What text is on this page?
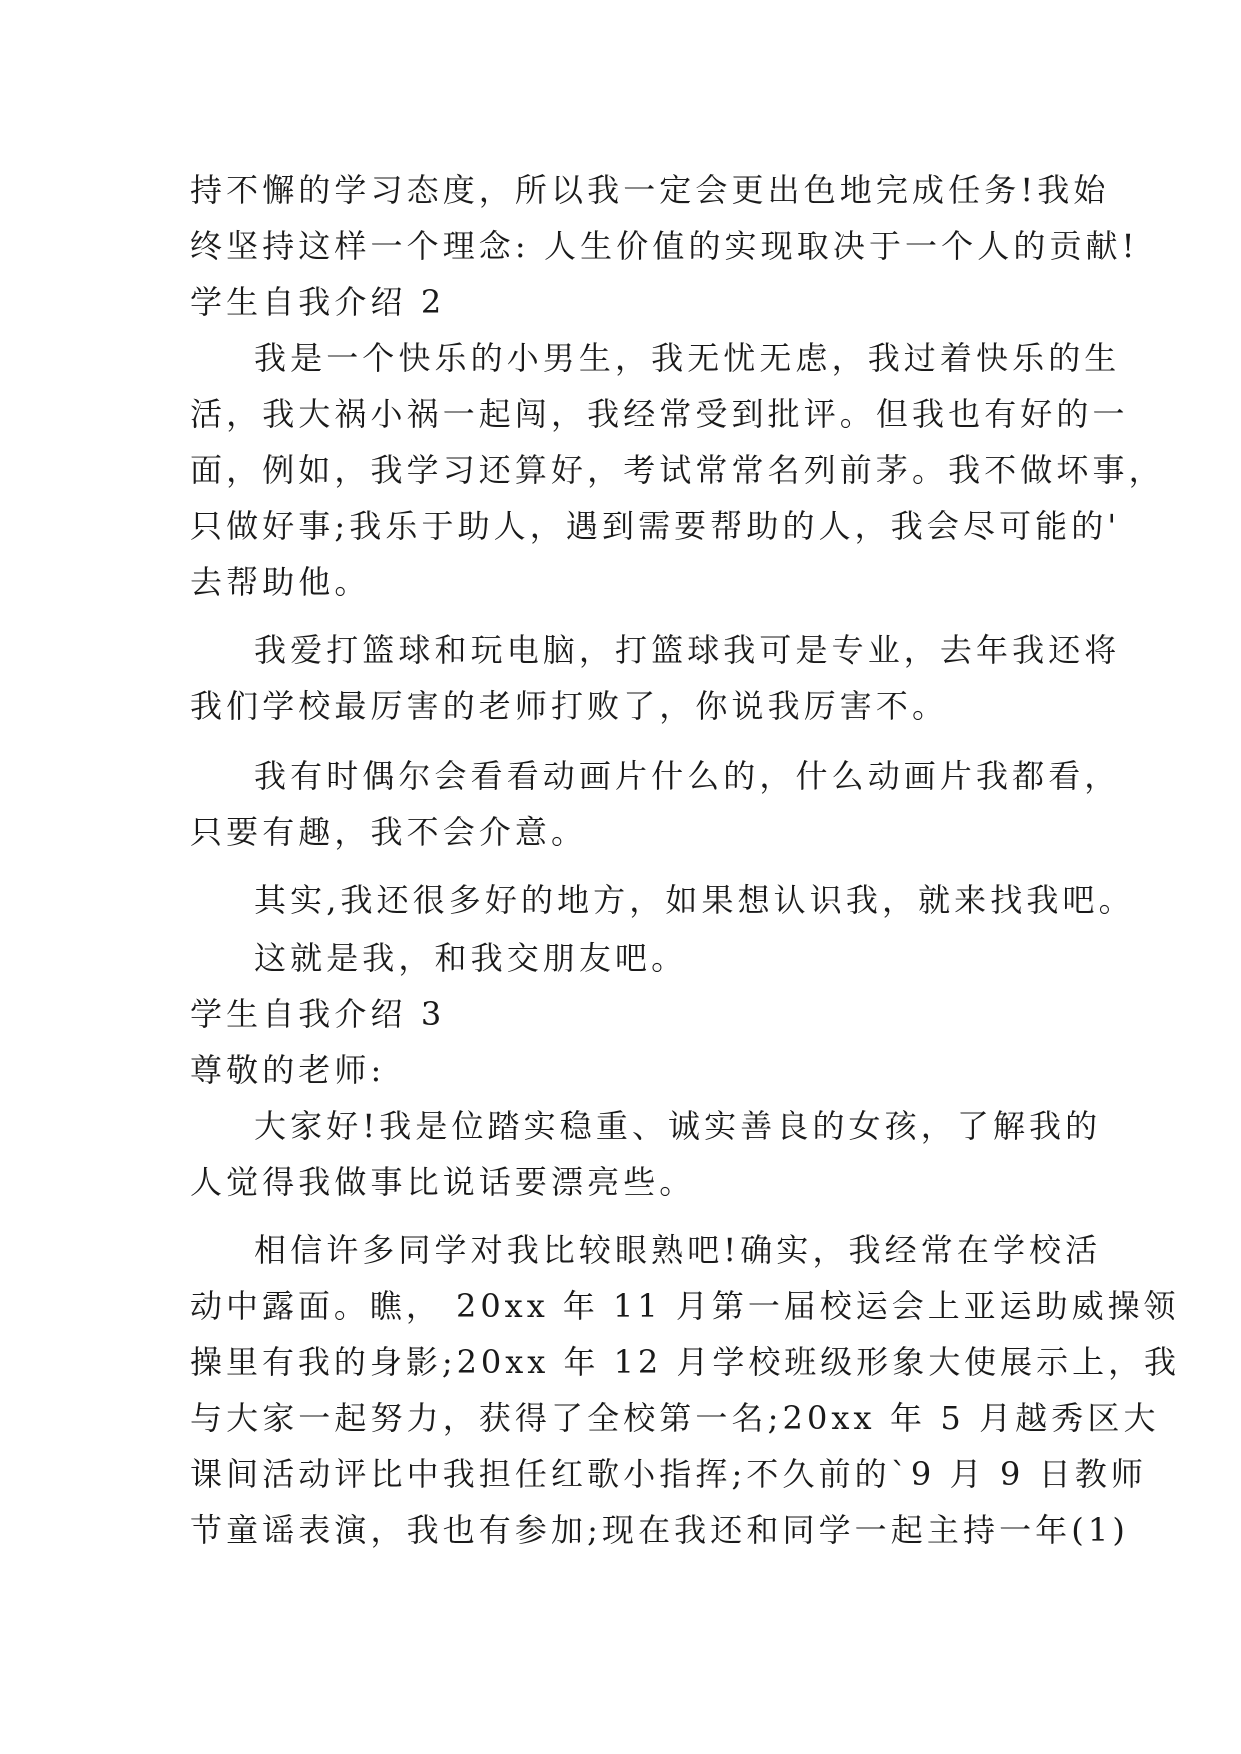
持不懈的学习态度，所以我一定会更出色地完成任务!我始
终坚持这样一个理念: 人生价值的实现取决于一个人的贡献!
学生自我介绍 2
我是一个快乐的小男生，我无忧无虑，我过着快乐的生
活，我大祸小祸一起闯，我经常受到批评。但我也有好的一
面，例如，我学习还算好，考试常常名列前茅。我不做坏事，
只做好事;我乐于助人，遇到需要帮助的人，我会尽可能的'
去帮助他。
我爱打篮球和玩电脑，打篮球我可是专业，去年我还将
我们学校最厉害的老师打败了，你说我厉害不。
我有时偶尔会看看动画片什么的，什么动画片我都看，
只要有趣，我不会介意。
其实,我还很多好的地方，如果想认识我，就来找我吧。
这就是我，和我交朋友吧。
学生自我介绍 3
尊敬的老师:
大家好!我是位踏实稳重、诚实善良的女孩，了解我的
人觉得我做事比说话要漂亮些。
相信许多同学对我比较眼熟吧!确实，我经常在学校活
动中露面。瞧， 20xx 年 11 月第一届校运会上亚运助威操领
操里有我的身影;20xx 年 12 月学校班级形象大使展示上，我
与大家一起努力，获得了全校第一名;20xx 年 5 月越秀区大
课间活动评比中我担任红歌小指挥;不久前的`9 月 9 日教师
节童谣表演，我也有参加;现在我还和同学一起主持一年(1)
